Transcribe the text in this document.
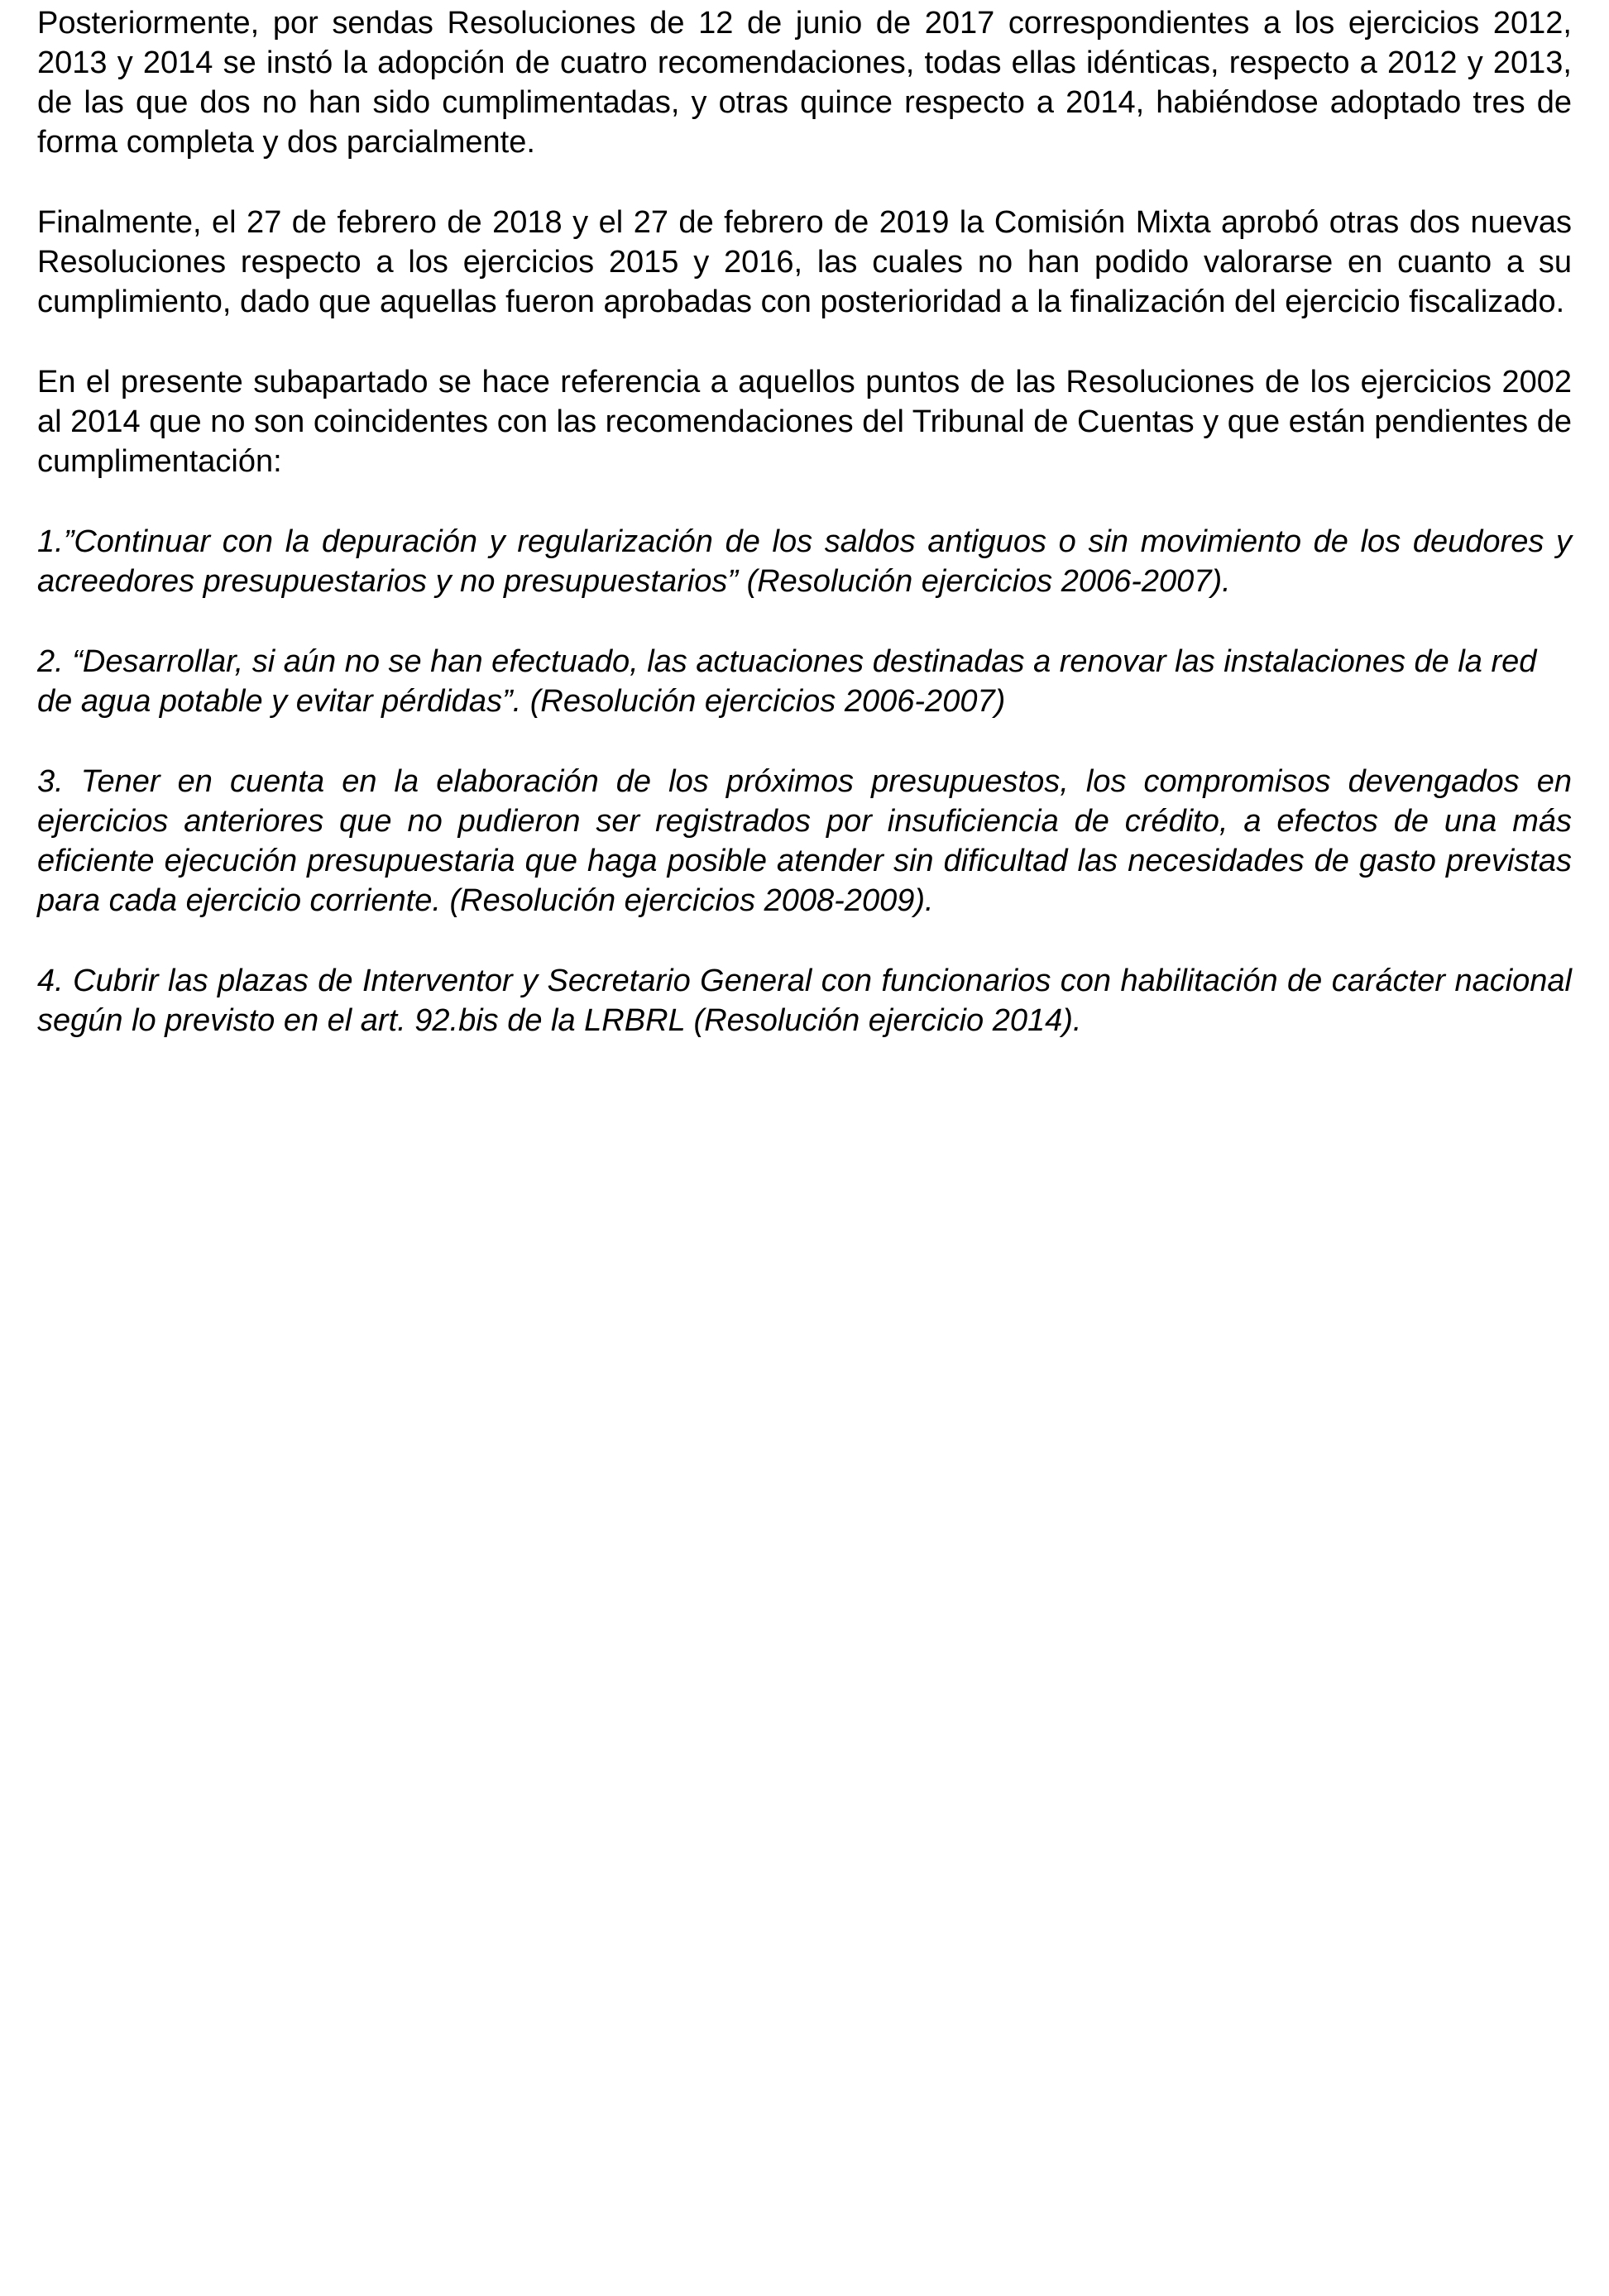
Posteriormente, por sendas Resoluciones de 12 de junio de 2017 correspondientes a los ejercicios 2012, 2013 y 2014 se instó la adopción de cuatro recomendaciones, todas ellas idénticas, respecto a 2012 y 2013, de las que dos no han sido cumplimentadas, y otras quince respecto a 2014, habiéndose adoptado tres de forma completa y dos parcialmente.

Finalmente, el 27 de febrero de 2018 y el 27 de febrero de 2019 la Comisión Mixta aprobó otras dos nuevas Resoluciones respecto a los ejercicios 2015 y 2016, las cuales no han podido valorarse en cuanto a su cumplimiento, dado que aquellas fueron aprobadas con posterioridad a la finalización del ejercicio fiscalizado.

En el presente subapartado se hace referencia a aquellos puntos de las Resoluciones de los ejercicios 2002 al 2014 que no son coincidentes con las recomendaciones del Tribunal de Cuentas y que están pendientes de cumplimentación:

1.”Continuar con la depuración y regularización de los saldos antiguos o sin movimiento de los deudores y acreedores presupuestarios y no presupuestarios” (Resolución ejercicios 2006-2007).

2. “Desarrollar, si aún no se han efectuado, las actuaciones destinadas a renovar las instalaciones de la red de agua potable y evitar pérdidas”. (Resolución ejercicios 2006-2007)

3. Tener en cuenta en la elaboración de los próximos presupuestos, los compromisos devengados en ejercicios anteriores que no pudieron ser registrados por insuficiencia de crédito, a efectos de una más eficiente ejecución presupuestaria que haga posible atender sin dificultad las necesidades de gasto previstas para cada ejercicio corriente. (Resolución ejercicios 2008-2009).

4. Cubrir las plazas de Interventor y Secretario General con funcionarios con habilitación de carácter nacional según lo previsto en el art. 92.bis de la LRBRL (Resolución ejercicio 2014).
